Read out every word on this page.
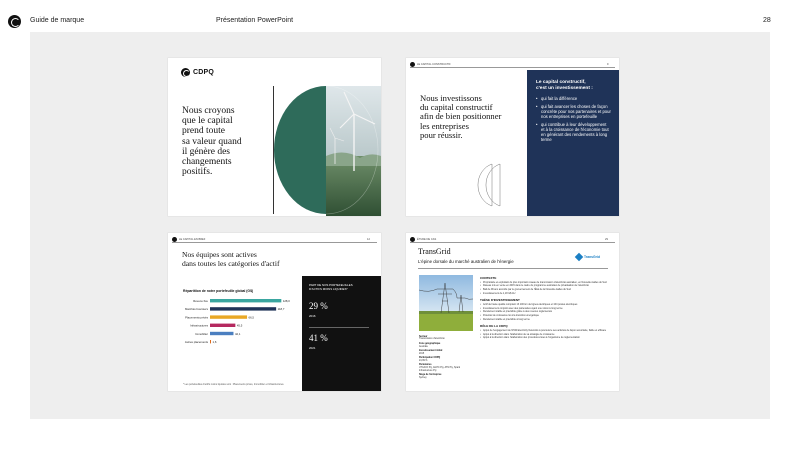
Guide de marque	Présentation PowerPoint	28
CDPQ
Nous croyons
que le capital
prend toute
sa valeur quand
il génère des
changements
positifs.
LE CAPITAL CONSTRUCTIF	9
Nous investissons
du capital constructif
afin de bien positionner
les entreprises
pour réussir.
Le capital constructif,
c'est un investissement :
• qui fait la différence
• qui fait avancer les choses de façon concrète pour nos partenaires et pour nos entreprises en portefeuille
• qui contribue à leur développement et à la croissance de l'économie tout en générant des rendements à long terme
LE CAPITAL EN BREF	12
Nos équipes sont actives
dans toutes les catégories d'actif
Répartition de notre portefeuille global (G$)
Revenu fixe	128,0
Marchés boursiers	118,7
Placements privés	66,5
Infrastructures	45,5
Immobilier	42,1
Autres placements 1,6
PART DE NOS PORTEFEUILLES
D'ACTIFS MOINS LIQUIDES*
29 %
2016
41 %
2021
* Les portefeuilles d'actifs moins liquides sont : Placements privés, Immobilier et Infrastructures.
ÉTUDE DE CAS	29
TransGrid
L'épine dorsale du marché australien de l'énergie
TransGrid
Secteur
Transmission d'électricité
Zone géographique
Australie
Investissement initial
2015
Participation CDPQ
24,99 %
Partenaires
UTILICO Pty, AGHC Pty, ATN Pty, Spark Infrastructure Pty
Siège de l'entreprise
Sydney
CONTEXTE
• Propriétaire et exploitant du plus important réseau de transmission d'électricité australien, en Nouvelle-Galles du Sud
• Réseau mis en vente en 2015 dans le cadre du programme australien de privatisation de l'électricité
• Bail de 99 ans accordé par le gouvernement de l'État de la Nouvelle-Galles du Sud
• Investissement de 1,18 G$ AU
THÈSE D'INVESTISSEMENT
• Actif de haute qualité comptant 13 100 km de lignes électriques et 104 postes électriques
• Investissement conjoint avec des partenaires ayant une vision à long terme
• Rendement stable et prévisible grâce à des revenus réglementés
• Potentiel de croissance lié à la transition énergétique
• Rendement stable et prévisible à long terme
RÔLE DE LA CDPQ
• Appui de l'engagement de NSW Electricity Networks à poursuivre ses activités de façon sécuritaire, fiable et efficace
• Appui à la direction dans l'élaboration de sa stratégie de croissance
• Appui à la direction dans l'élaboration des procédures liées à l'organisme de réglementation
